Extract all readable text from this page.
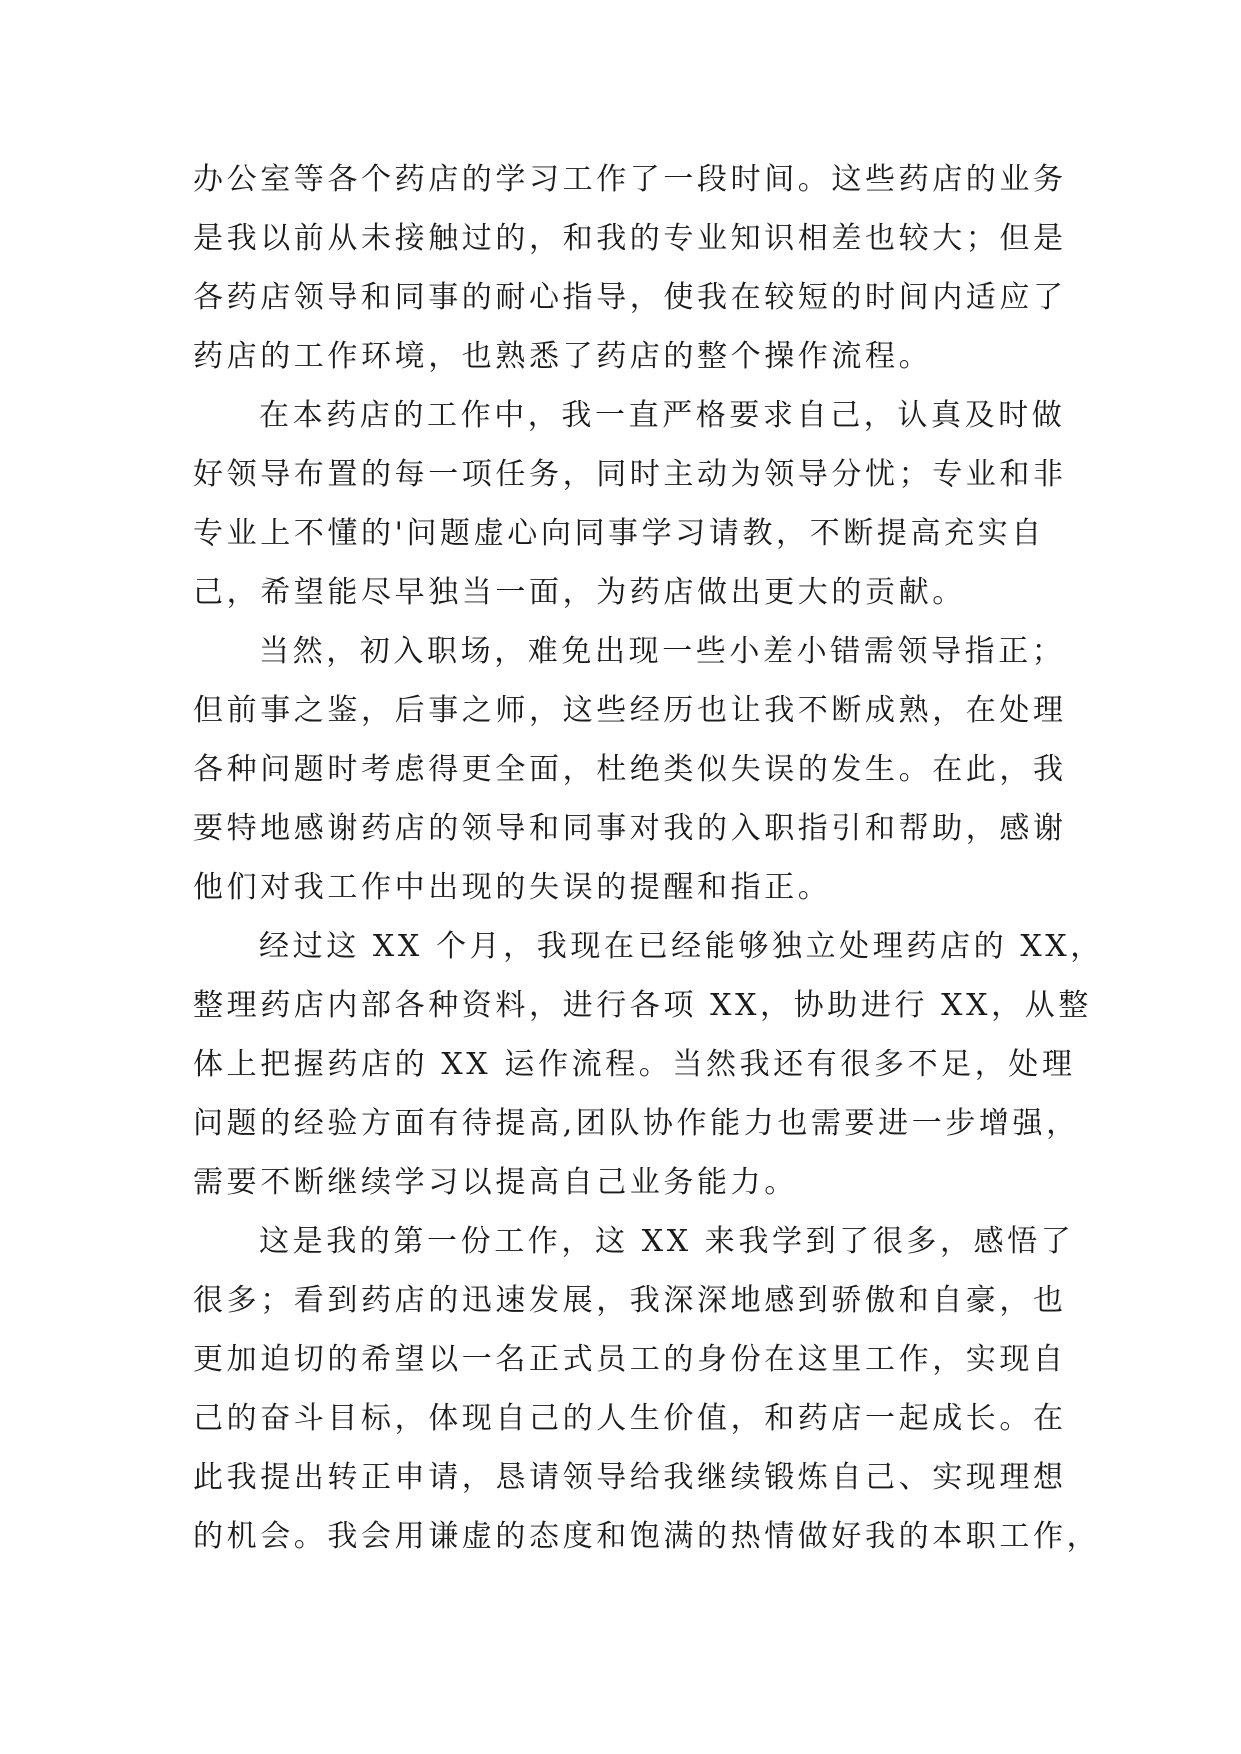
办公室等各个药店的学习工作了一段时间。这些药店的业务
是我以前从未接触过的，和我的专业知识相差也较大；但是
各药店领导和同事的耐心指导，使我在较短的时间内适应了
药店的工作环境，也熟悉了药店的整个操作流程。
在本药店的工作中，我一直严格要求自己，认真及时做
好领导布置的每一项任务，同时主动为领导分忧；专业和非
专业上不懂的'问题虚心向同事学习请教，不断提高充实自
己，希望能尽早独当一面，为药店做出更大的贡献。
当然，初入职场，难免出现一些小差小错需领导指正；
但前事之鉴，后事之师，这些经历也让我不断成熟，在处理
各种问题时考虑得更全面，杜绝类似失误的发生。在此，我
要特地感谢药店的领导和同事对我的入职指引和帮助，感谢
他们对我工作中出现的失误的提醒和指正。
经过这 XX 个月，我现在已经能够独立处理药店的 XX，
整理药店内部各种资料，进行各项 XX，协助进行 XX，从整
体上把握药店的 XX 运作流程。当然我还有很多不足，处理
问题的经验方面有待提高,团队协作能力也需要进一步增强，
需要不断继续学习以提高自己业务能力。
这是我的第一份工作，这 XX 来我学到了很多，感悟了
很多；看到药店的迅速发展，我深深地感到骄傲和自豪，也
更加迫切的希望以一名正式员工的身份在这里工作，实现自
己的奋斗目标，体现自己的人生价值，和药店一起成长。在
此我提出转正申请，恳请领导给我继续锻炼自己、实现理想
的机会。我会用谦虚的态度和饱满的热情做好我的本职工作，
